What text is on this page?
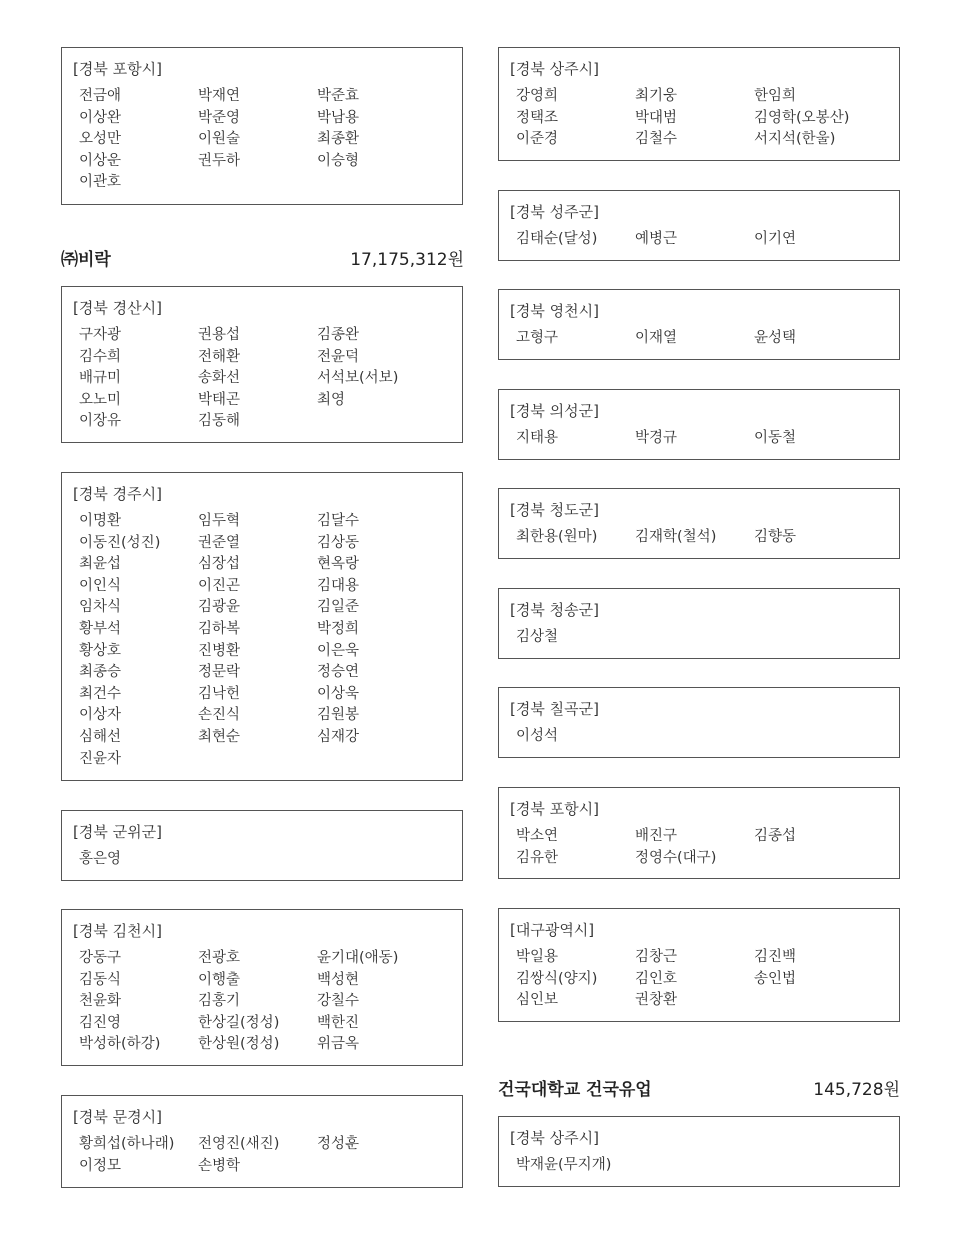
[경북 포항시]
전금애	박재연	박준효
이상완	박준영	박남용
오성만	이원술	최종환
이상운	권두하	이승형
이관호
㈜비락	17,175,312원
[경북 경산시]
구자광	권용섭	김종완
김수희	전해환	전윤덕
배규미	송화선	서석보(서보)
오노미	박태곤	최영
이장유	김동해
[경북 경주시]
이명환	임두혁	김달수
이동진(성진)	권준열	김상동
최윤섭	심장섭	현옥랑
이인식	이진곤	김대용
임차식	김광윤	김일준
황부석	김하복	박정희
황상호	진병환	이은욱
최종승	정문락	정승연
최건수	김낙헌	이상욱
이상자	손진식	김원봉
심해선	최현순	심재강
진윤자
[경북 군위군]
홍은영
[경북 김천시]
강동구	전광호	윤기대(애동)
김동식	이행출	백성현
천윤화	김홍기	강칠수
김진영	한상길(정성)	백한진
박성하(하강)	한상원(정성)	위금옥
[경북 문경시]
황희섭(하나래)	전영진(새진)	정성훈
이정모	손병학
[경북 상주시]
강영희	최기웅	한임희
정택조	박대범	김영학(오봉산)
이준경	김철수	서지석(한울)
[경북 성주군]
김태순(달성)	예병근	이기연
[경북 영천시]
고형구	이재열	윤성택
[경북 의성군]
지태용	박경규	이동철
[경북 청도군]
최한용(원마)	김재학(철석)	김향동
[경북 청송군]
김상철
[경북 칠곡군]
이성석
[경북 포항시]
박소연	배진구	김종섭
김유한	정영수(대구)
[대구광역시]
박일용	김창근	김진백
김쌍식(양지)	김인호	송인법
심인보	권창환
건국대학교 건국유업	145,728원
[경북 상주시]
박재윤(무지개)
